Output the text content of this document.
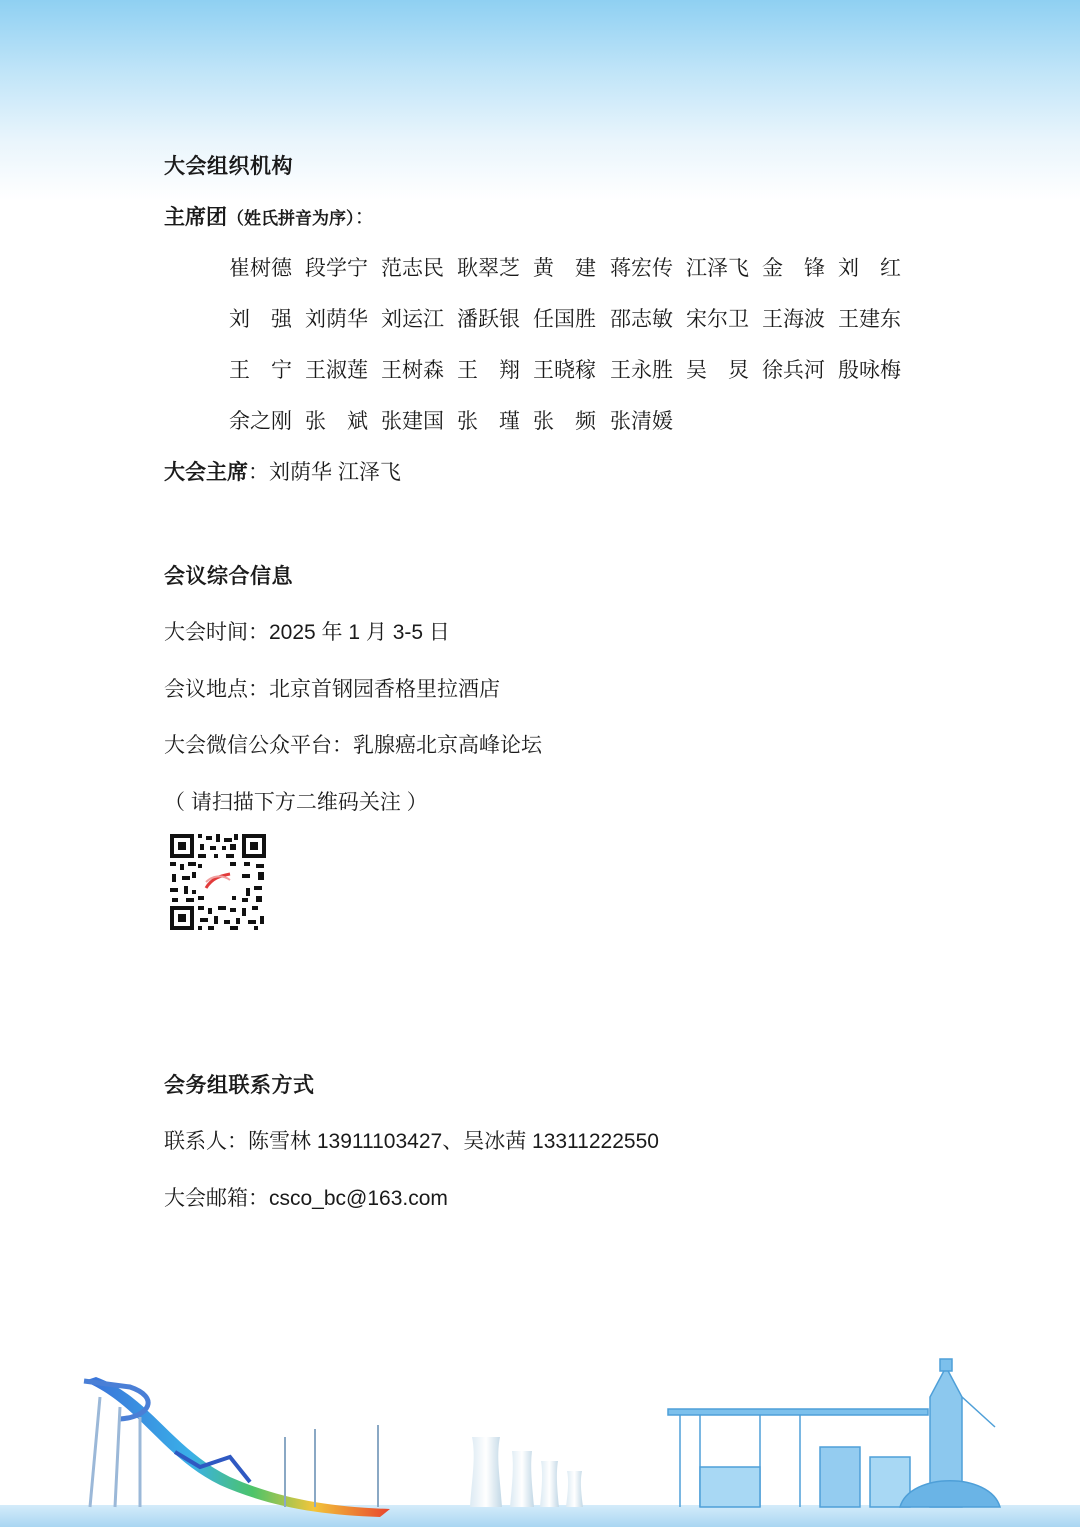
大会组织机构
主席团（姓氏拼音为序）：
崔树德 段学宁 范志民 耿翠芝 黄　建 蒋宏传 江泽飞 金　锋 刘　红
刘　强 刘荫华 刘运江 潘跃银 任国胜 邵志敏 宋尔卫 王海波 王建东
王　宁 王淑莲 王树森 王　翔 王晓稼 王永胜 吴　炅 徐兵河 殷咏梅
余之刚 张　斌 张建国 张　瑾 张　频 张清媛
大会主席：刘荫华 江泽飞
会议综合信息
大会时间：2025 年 1 月 3-5 日
会议地点：北京首钢园香格里拉酒店
大会微信公众平台：乳腺癌北京高峰论坛
（ 请扫描下方二维码关注 ）
会务组联系方式
联系人：陈雪林 13911103427、吴冰茜 13311222550
大会邮箱：csco_bc@163.com
